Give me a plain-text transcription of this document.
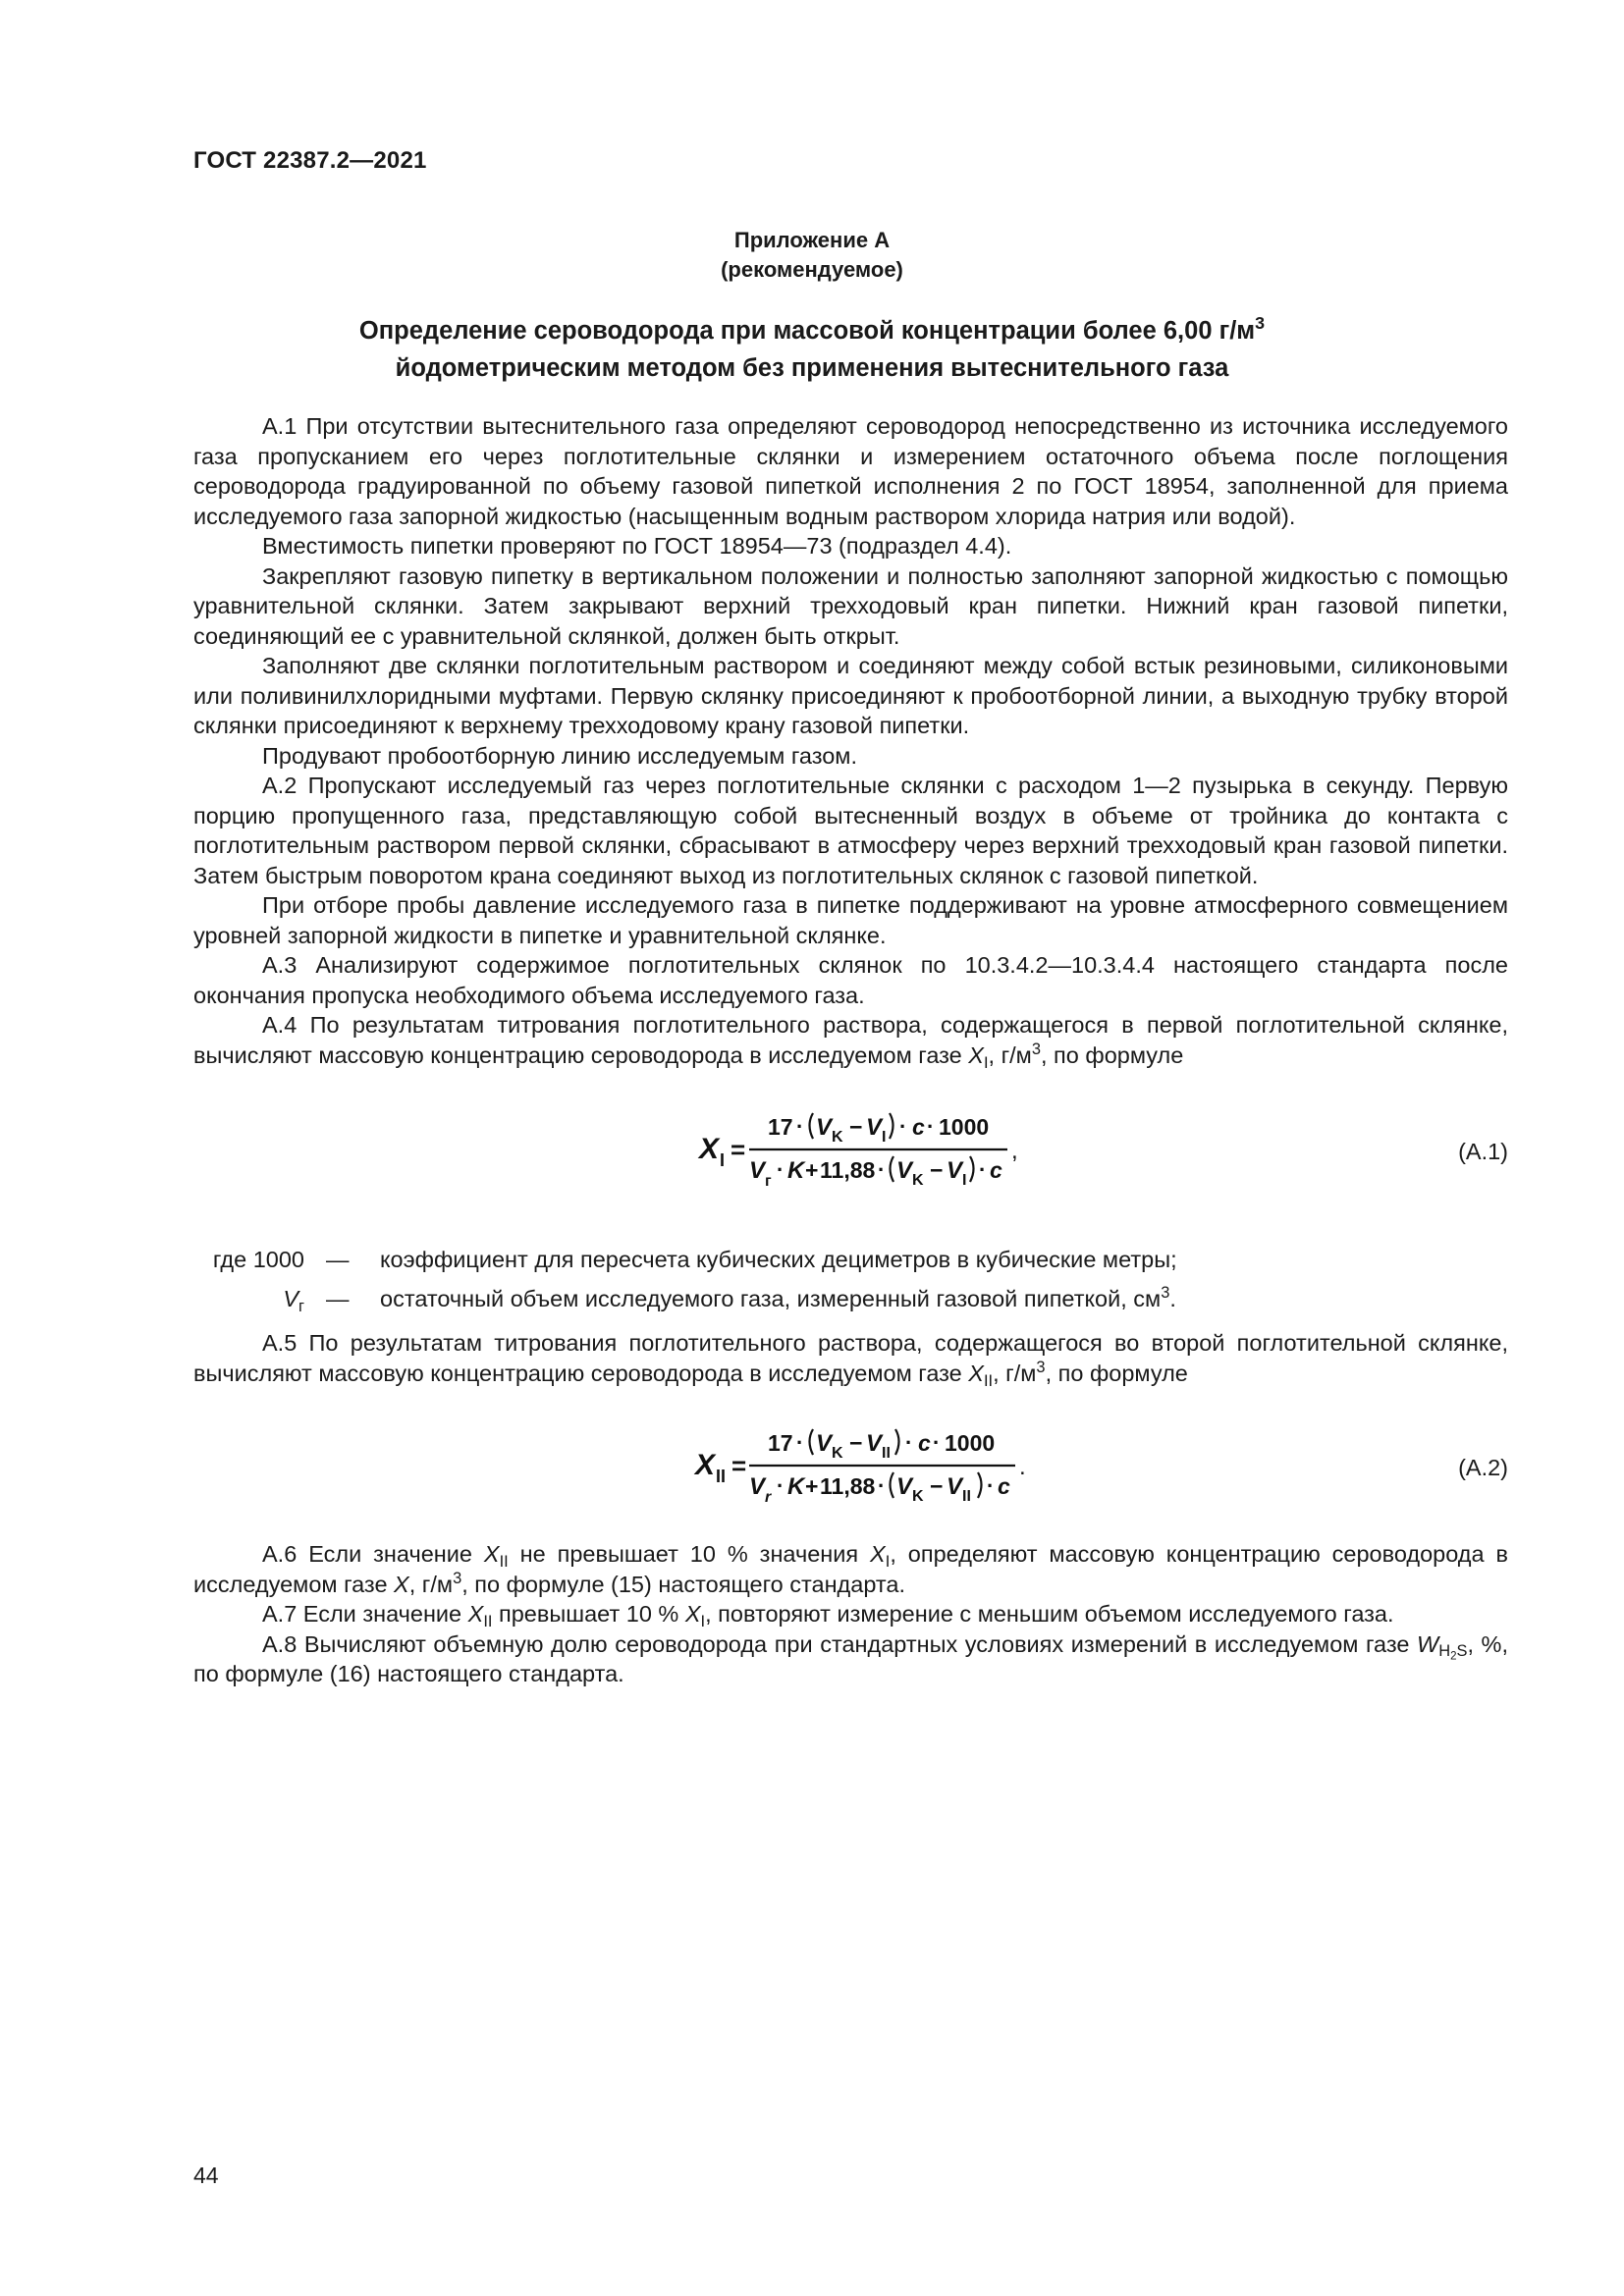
ГОСТ 22387.2—2021
Приложение А
(рекомендуемое)
Определение сероводорода при массовой концентрации более 6,00 $г/м^3$
йодометрическим методом без применения вытеснительного газа

А.1 При отсутствии вытеснительного газа определяют сероводород непосредственно из источника исследуемого газа пропусканием его через поглотительные склянки и измерением остаточного объема после поглощения сероводорода градуированной по объему газовой пипеткой исполнения 2 по ГОСТ 18954, заполненной для приема исследуемого газа запорной жидкостью (насыщенным водным раствором хлорида натрия или водой).

Вместимость пипетки проверяют по ГОСТ 18954—73 (подраздел 4.4).

Закрепляют газовую пипетку в вертикальном положении и полностью заполняют запорной жидкостью с помощью уравнительной склянки. Затем закрывают верхний трехходовый кран пипетки. Нижний кран газовой пипетки, соединяющий ее с уравнительной склянкой, должен быть открыт.

Заполняют две склянки поглотительным раствором и соединяют между собой встык резиновыми, силиконовыми или поливинилхлоридными муфтами. Первую склянку присоединяют к пробоотборной линии, а выходную трубку второй склянки присоединяют к верхнему трехходовому крану газовой пипетки.

Продувают пробоотборную линию исследуемым газом.

А.2 Пропускают исследуемый газ через поглотительные склянки с расходом 1—2 пузырька в секунду. Первую порцию пропущенного газа, представляющую собой вытесненный воздух в объеме от тройника до контакта с поглотительным раствором первой склянки, сбрасывают в атмосферу через верхний трехходовый кран газовой пипетки. Затем быстрым поворотом крана соединяют выход из поглотительных склянок с газовой пипеткой.

При отборе пробы давление исследуемого газа в пипетке поддерживают на уровне атмосферного совмещением уровней запорной жидкости в пипетке и уравнительной склянке.

А.3 Анализируют содержимое поглотительных склянок по 10.3.4.2—10.3.4.4 настоящего стандарта после окончания пропуска необходимого объема исследуемого газа.

А.4 По результатам титрования поглотительного раствора, содержащегося в первой поглотительной склянке, вычисляют массовую концентрацию сероводорода в исследуемом газе $X_I$, $г/м^3$, по формуле

X I =
17 · V K − V I · c · 1000
V г · K + 11,88 · V K − V I · c
,	(А.1)
где 1000 — коэффициент для пересчета кубических дециметров в кубические метры;
$V_г$ — остаточный объем исследуемого газа, измеренный газовой пипеткой, $см^3$.

А.5 По результатам титрования поглотительного раствора, содержащегося во второй поглотительной склянке, вычисляют массовую концентрацию сероводорода в исследуемом газе $X_{II}$, $г/м^3$, по формуле

X II =
17 · V K − V II · c · 1000
V r · K + 11,88 · V K − V II · c
.	(А.2)

А.6 Если значение $X_{II}$ не превышает 10 % значения $X_I$, определяют массовую концентрацию сероводорода в исследуемом газе X, $г/м^3$, по формуле (15) настоящего стандарта.

А.7 Если значение $X_{II}$ превышает 10 % $X_I$, повторяют измерение с меньшим объемом исследуемого газа.

А.8 Вычисляют объемную долю сероводорода при стандартных условиях измерений в исследуемом газе $W_{H_2S}$, %, по формуле (16) настоящего стандарта.

44
